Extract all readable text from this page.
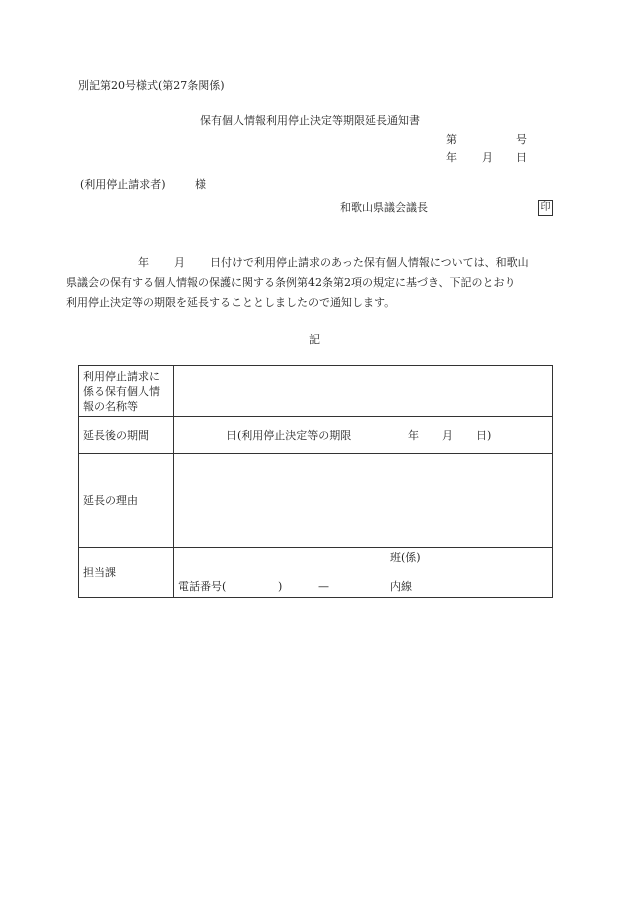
別記第20号様式(第27条関係)
保有個人情報利用停止決定等期限延長通知書
第	号
年 月 日
(利用停止請求者)	様
和歌山県議会議長	印
年 月 日付けで利用停止請求のあった保有個人情報については、和歌山
県議会の保有する個人情報の保護に関する条例第42条第2項の規定に基づき、下記のとおり
利用停止決定等の期限を延長することとしましたので通知します。
記
利用停止請求に
係る保有個人情
報の名称等	

延長後の期間	日 (利用停止決定等の期限 年 月 日)

延長の理由	
担当課	班(係)
電話番号( ) — 内線
